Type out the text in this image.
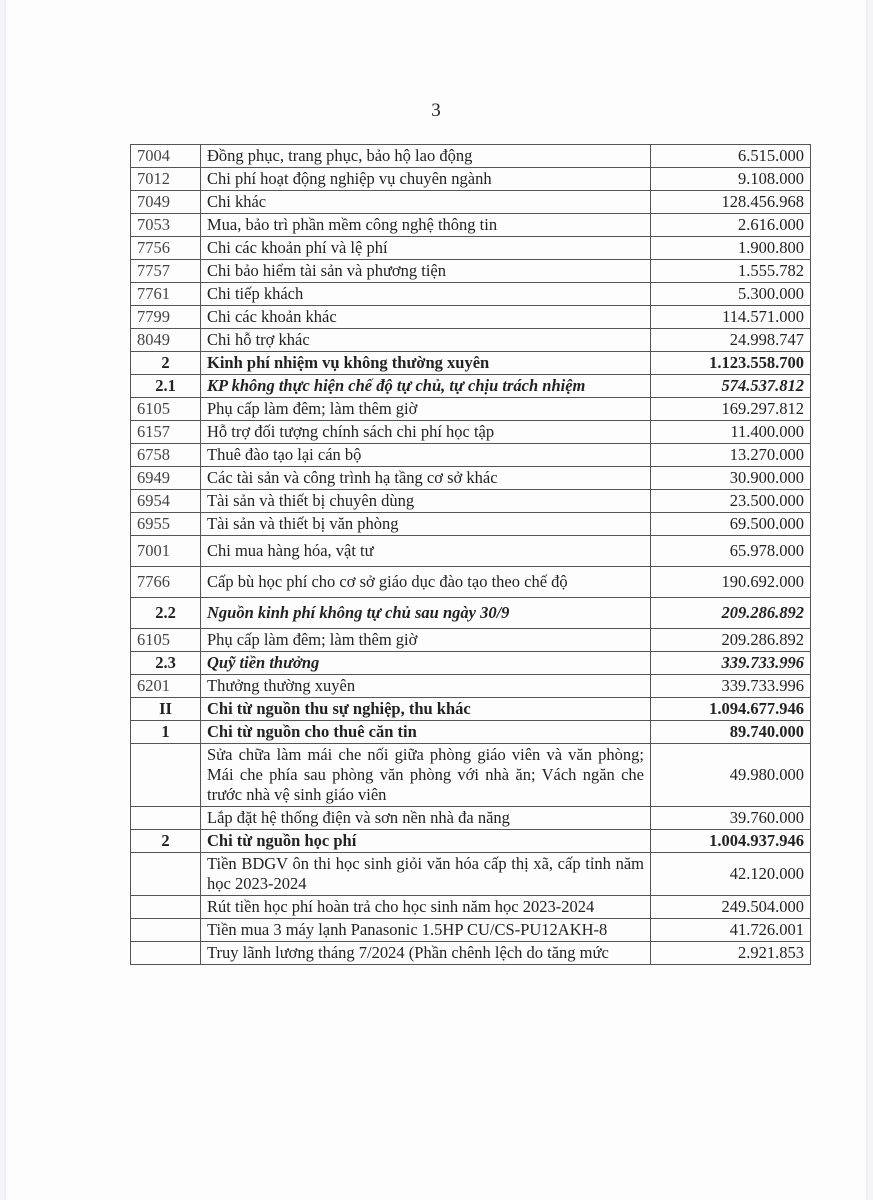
3
7004	Đồng phục, trang phục, bảo hộ lao động	6.515.000
7012	Chi phí hoạt động nghiệp vụ chuyên ngành	9.108.000
7049	Chi khác	128.456.968
7053	Mua, bảo trì phần mềm công nghệ thông tin	2.616.000
7756	Chi các khoản phí và lệ phí	1.900.800
7757	Chi bảo hiểm tài sản và phương tiện	1.555.782
7761	Chi tiếp khách	5.300.000
7799	Chi các khoản khác	114.571.000
8049	Chi hỗ trợ khác	24.998.747
2	Kinh phí nhiệm vụ không thường xuyên	1.123.558.700
2.1	KP không thực hiện chế độ tự chủ, tự chịu trách nhiệm	574.537.812
6105	Phụ cấp làm đêm; làm thêm giờ	169.297.812
6157	Hỗ trợ đối tượng chính sách chi phí học tập	11.400.000
6758	Thuê đào tạo lại cán bộ	13.270.000
6949	Các tài sản và công trình hạ tầng cơ sở khác	30.900.000
6954	Tài sản và thiết bị chuyên dùng	23.500.000
6955	Tài sản và thiết bị văn phòng	69.500.000
7001	Chi mua hàng hóa, vật tư	65.978.000
7766	Cấp bù học phí cho cơ sở giáo dục đào tạo theo chế độ	190.692.000
2.2	Nguồn kinh phí không tự chủ sau ngày 30/9	209.286.892
6105	Phụ cấp làm đêm; làm thêm giờ	209.286.892
2.3	Quỹ tiền thưởng	339.733.996
6201	Thưởng thường xuyên	339.733.996
II	Chi từ nguồn thu sự nghiệp, thu khác	1.094.677.946
1	Chi từ nguồn cho thuê căn tin	89.740.000
	Sửa chữa làm mái che nối giữa phòng giáo viên và văn phòng; Mái che phía sau phòng văn phòng với nhà ăn; Vách ngăn che trước nhà vệ sinh giáo viên	49.980.000
	Lắp đặt hệ thống điện và sơn nền nhà đa năng	39.760.000
2	Chi từ nguồn học phí	1.004.937.946
	Tiền BDGV ôn thi học sinh giỏi văn hóa cấp thị xã, cấp tỉnh năm học 2023-2024	42.120.000
	Rút tiền học phí hoàn trả cho học sinh năm học 2023-2024	249.504.000
	Tiền mua 3 máy lạnh Panasonic 1.5HP CU/CS-PU12AKH-8	41.726.001
	Truy lãnh lương tháng 7/2024 (Phần chênh lệch do tăng mức	2.921.853
